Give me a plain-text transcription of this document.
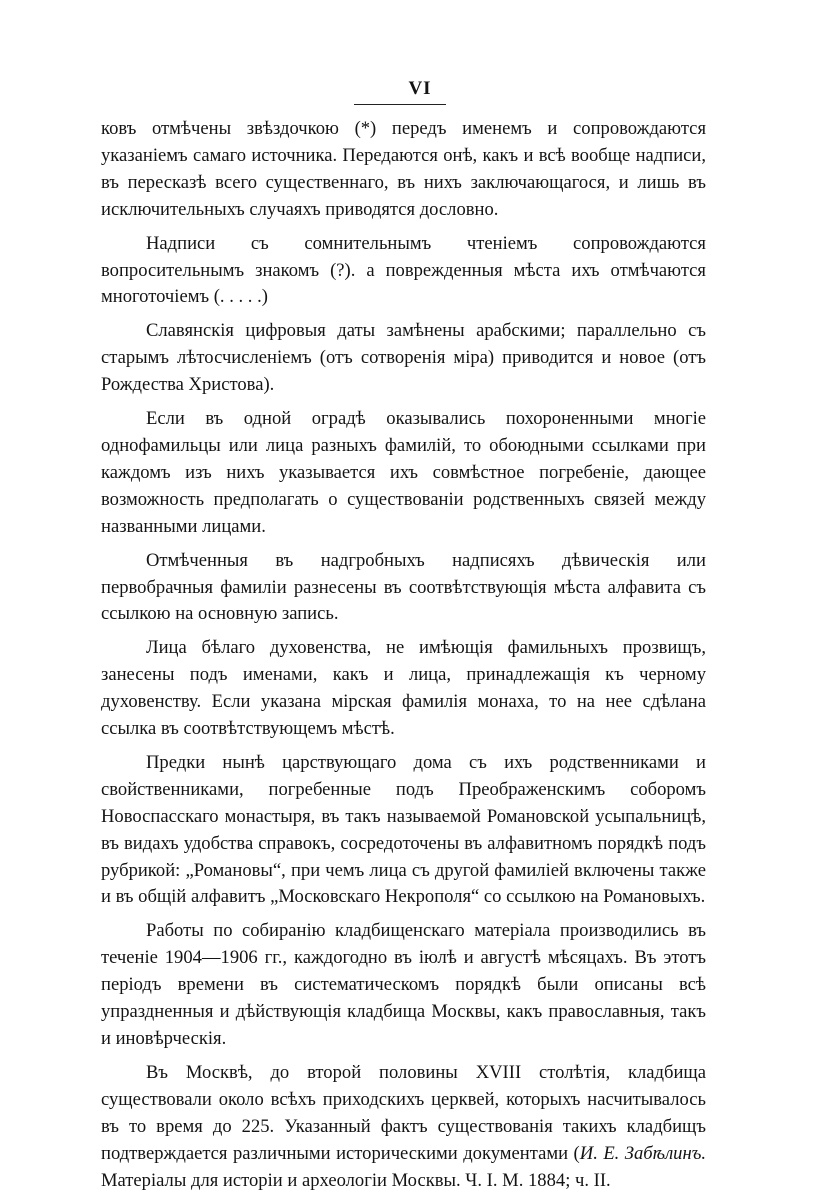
VI

ковъ отмѣчены звѣздочкою (*) передъ именемъ и сопровождаются указаніемъ самаго источника. Передаются онѣ, какъ и всѣ вообще надписи, въ пересказѣ всего существеннаго, въ нихъ заключающагося, и лишь въ исключительныхъ случаяхъ приводятся дословно.

Надписи съ сомнительнымъ чтеніемъ сопровождаются вопросительнымъ знакомъ (?). а поврежденныя мѣста ихъ отмѣчаются многоточіемъ (. . . . .)

Славянскія цифровыя даты замѣнены арабскими; параллельно съ старымъ лѣтосчисленіемъ (отъ сотворенія міра) приводится и новое (отъ Рождества Христова).

Если въ одной оградѣ оказывались похороненными многіе однофамильцы или лица разныхъ фамилій, то обоюдными ссылками при каждомъ изъ нихъ указывается ихъ совмѣстное погребеніе, дающее возможность предполагать о существованіи родственныхъ связей между названными лицами.

Отмѣченныя въ надгробныхъ надписяхъ дѣвическія или первобрачныя фамиліи разнесены въ соотвѣтствующія мѣста алфавита съ ссылкою на основную запись.

Лица бѣлаго духовенства, не имѣющія фамильныхъ прозвищъ, занесены подъ именами, какъ и лица, принадлежащія къ черному духовенству. Если указана мірская фамилія монаха, то на нее сдѣлана ссылка въ соотвѣтствующемъ мѣстѣ.

Предки нынѣ царствующаго дома съ ихъ родственниками и свойственниками, погребенные подъ Преображенскимъ соборомъ Новоспасскаго монастыря, въ такъ называемой Романовской усыпальницѣ, въ видахъ удобства справокъ, сосредоточены въ алфавитномъ порядкѣ подъ рубрикой: „Романовы“, при чемъ лица съ другой фамиліей включены также и въ общій алфавитъ „Московскаго Некрополя“ со ссылкою на Романовыхъ.

Работы по собиранію кладбищенскаго матеріала производились въ теченіе 1904—1906 гг., каждогодно въ іюлѣ и августѣ мѣсяцахъ. Въ этотъ періодъ времени въ систематическомъ порядкѣ были описаны всѣ упраздненныя и дѣйствующія кладбища Москвы, какъ православныя, такъ и иновѣрческія.

Въ Москвѣ, до второй половины XVIII столѣтія, кладбища существовали около всѣхъ приходскихъ церквей, которыхъ насчитывалось въ то время до 225. Указанный фактъ существованія такихъ кладбищъ подтверждается различными историческими документами (И. Е. Забѣлинъ. Матеріалы для исторіи и археологіи Москвы. Ч. I. М. 1884; ч. II.
